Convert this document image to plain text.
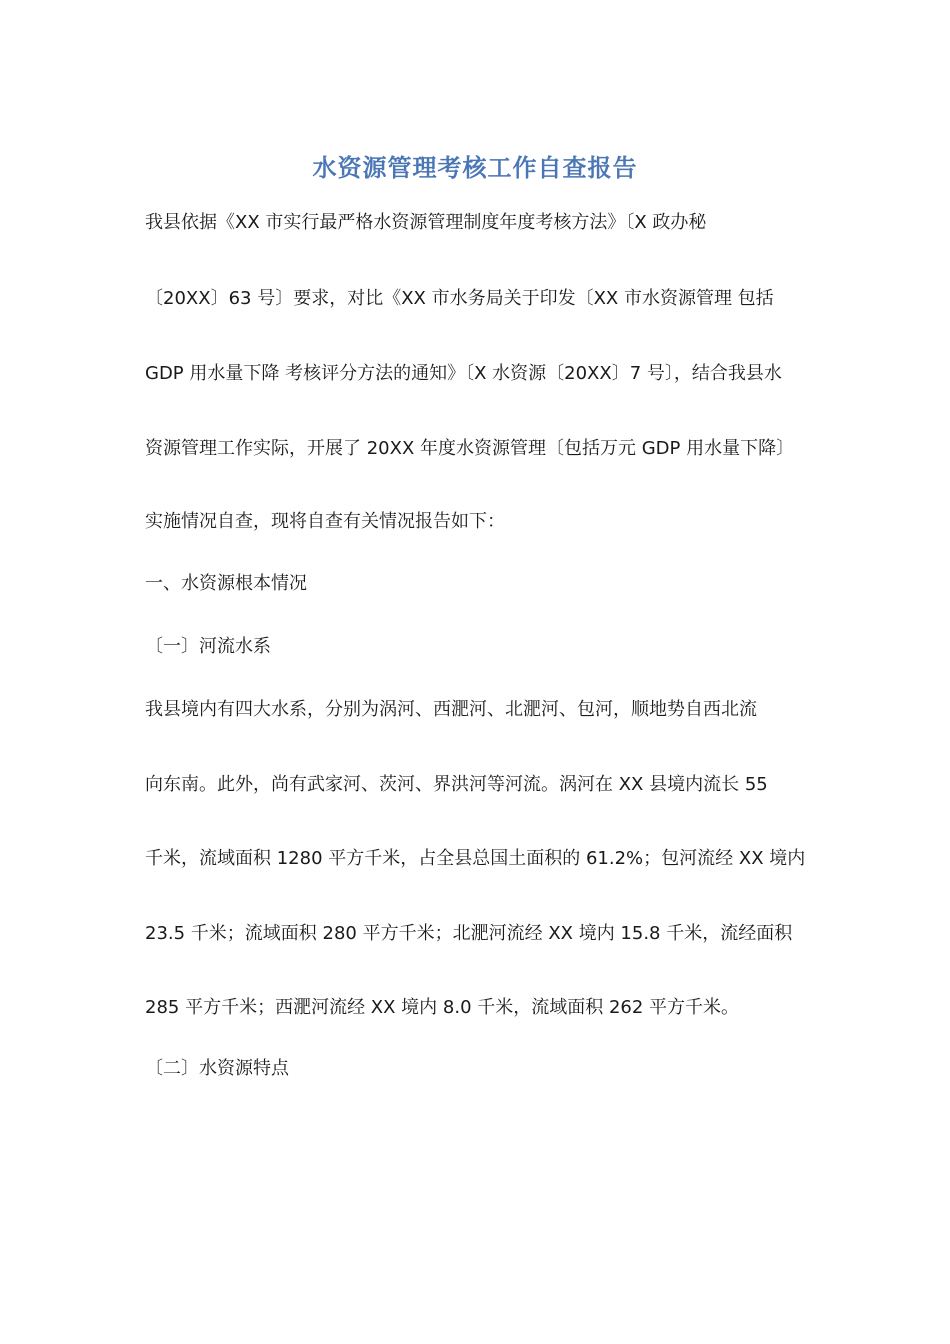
水资源管理考核工作自查报告
我县依据《XX 市实行最严格水资源管理制度年度考核方法》〔X 政办秘
〔20XX〕63 号〕要求，对比《XX 市水务局关于印发〔XX 市水资源管理 包括
GDP 用水量下降 考核评分方法的通知》〔X 水资源〔20XX〕7 号〕，结合我县水
资源管理工作实际，开展了 20XX 年度水资源管理〔包括万元 GDP 用水量下降〕
实施情况自查，现将自查有关情况报告如下：
一、水资源根本情况
〔一〕河流水系
我县境内有四大水系，分别为涡河、西淝河、北淝河、包河，顺地势自西北流
向东南。此外，尚有武家河、茨河、界洪河等河流。涡河在 XX 县境内流长 55
千米，流域面积 1280 平方千米，占全县总国土面积的 61.2%；包河流经 XX 境内
23.5 千米；流域面积 280 平方千米；北淝河流经 XX 境内 15.8 千米，流经面积
285 平方千米；西淝河流经 XX 境内 8.0 千米，流域面积 262 平方千米。
〔二〕水资源特点
